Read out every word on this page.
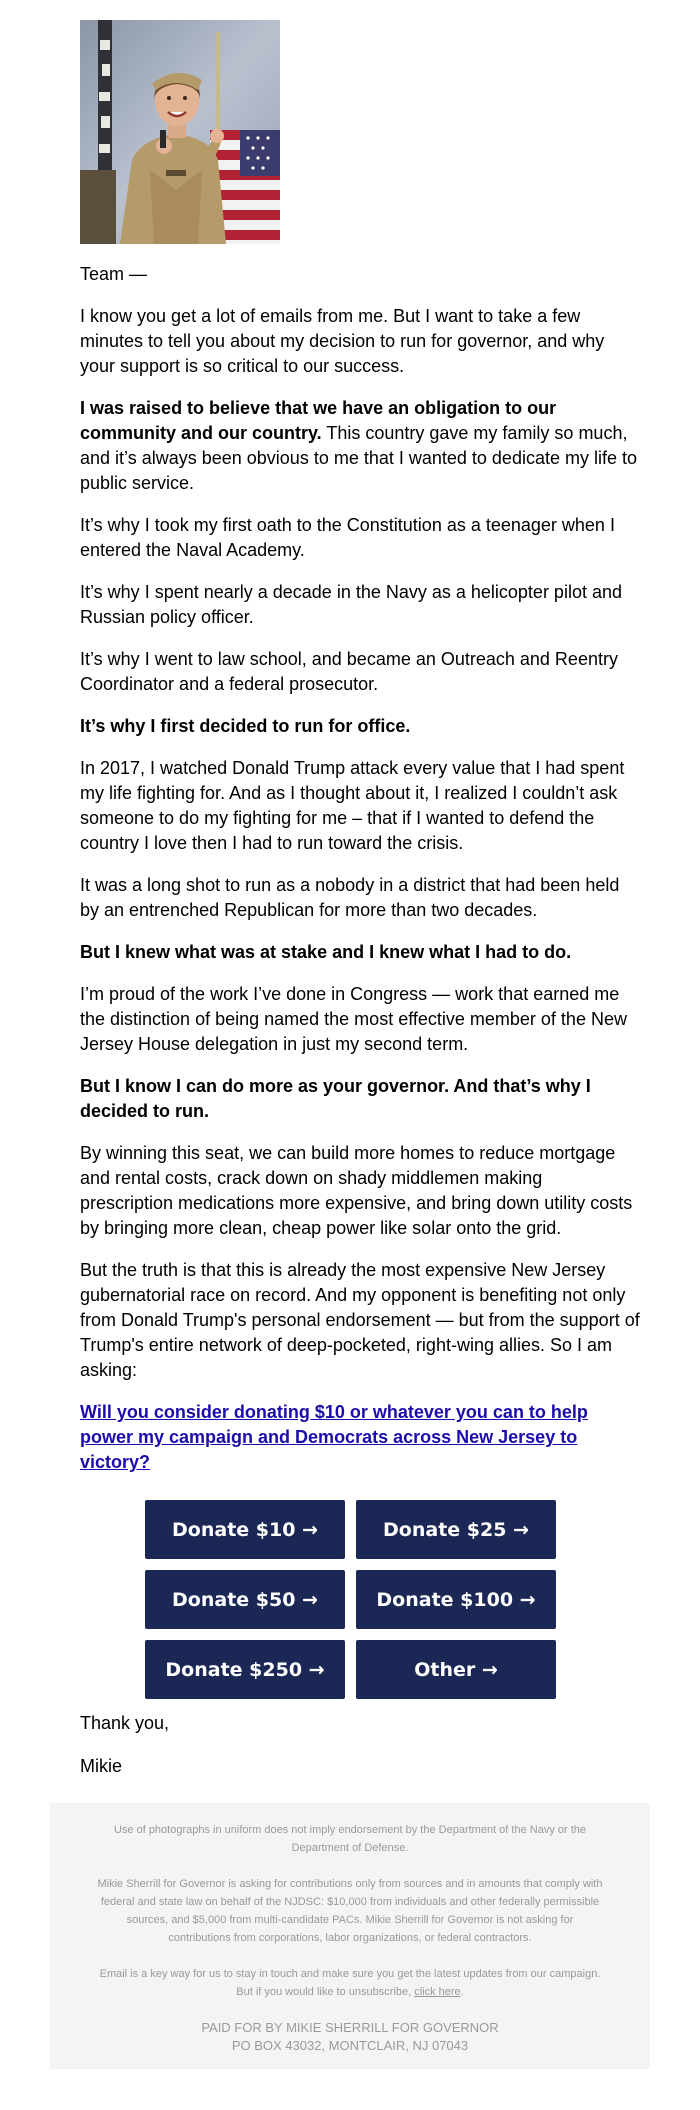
Team —

I know you get a lot of emails from me. But I want to take a few minutes to tell you about my decision to run for governor, and why your support is so critical to our success.

I was raised to believe that we have an obligation to our community and our country. This country gave my family so much, and it’s always been obvious to me that I wanted to dedicate my life to public service.

It’s why I took my first oath to the Constitution as a teenager when I entered the Naval Academy.

It’s why I spent nearly a decade in the Navy as a helicopter pilot and Russian policy officer.

It’s why I went to law school, and became an Outreach and Reentry Coordinator and a federal prosecutor.

It’s why I first decided to run for office.

In 2017, I watched Donald Trump attack every value that I had spent my life fighting for. And as I thought about it, I realized I couldn’t ask someone to do my fighting for me – that if I wanted to defend the country I love then I had to run toward the crisis.

It was a long shot to run as a nobody in a district that had been held by an entrenched Republican for more than two decades.

But I knew what was at stake and I knew what I had to do.

I’m proud of the work I’ve done in Congress — work that earned me the distinction of being named the most effective member of the New Jersey House delegation in just my second term.

But I know I can do more as your governor. And that’s why I decided to run.

By winning this seat, we can build more homes to reduce mortgage and rental costs, crack down on shady middlemen making prescription medications more expensive, and bring down utility costs by bringing more clean, cheap power like solar onto the grid.

But the truth is that this is already the most expensive New Jersey gubernatorial race on record. And my opponent is benefiting not only from Donald Trump's personal endorsement — but from the support of Trump's entire network of deep-pocketed, right-wing allies. So I am asking:

Will you consider donating $10 or whatever you can to help power my campaign and Democrats across New Jersey to victory?

Donate $10 →	Donate $25 →
Donate $50 →	Donate $100 →
Donate $250 →	Other →

Thank you,

Mikie

Use of photographs in uniform does not imply endorsement by the Department of the Navy or the Department of Defense.

Mikie Sherrill for Governor is asking for contributions only from sources and in amounts that comply with federal and state law on behalf of the NJDSC: $10,000 from individuals and other federally permissible sources, and $5,000 from multi-candidate PACs. Mikie Sherrill for Governor is not asking for contributions from corporations, labor organizations, or federal contractors.

Email is a key way for us to stay in touch and make sure you get the latest updates from our campaign.
But if you would like to unsubscribe, click here.

PAID FOR BY MIKIE SHERRILL FOR GOVERNOR

PO BOX 43032, MONTCLAIR, NJ 07043
